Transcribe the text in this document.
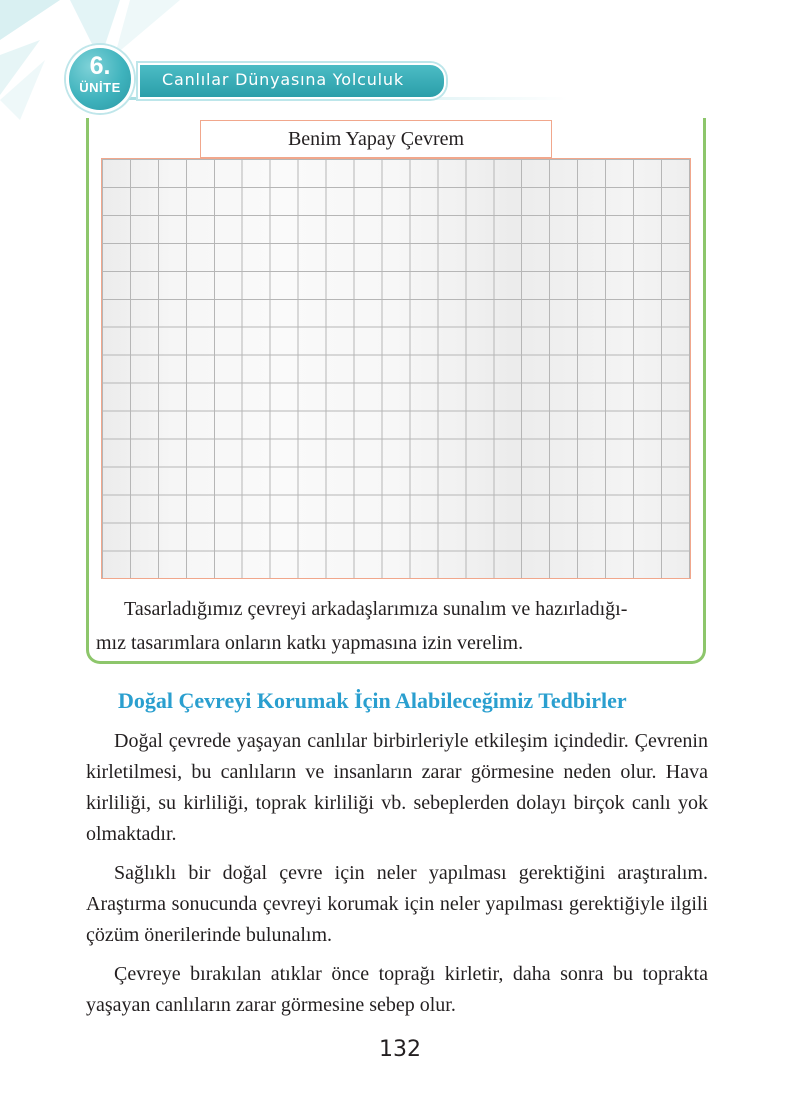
6.
ÜNİTE	Canlılar Dünyasına Yolculuk
Benim Yapay Çevrem
Tasarladığımız çevreyi arkadaşlarımıza sunalım ve hazırladığı-
mız tasarımlara onların katkı yapmasına izin verelim.
Doğal Çevreyi Korumak İçin Alabileceğimiz Tedbirler

Doğal çevrede yaşayan canlılar birbirleriyle etkileşim içindedir. Çevrenin kirletilmesi, bu canlıların ve insanların zarar görmesine neden olur. Hava kirliliği, su kirliliği, toprak kirliliği vb. sebeplerden dolayı birçok canlı yok olmaktadır.

Sağlıklı bir doğal çevre için neler yapılması gerektiğini araştıralım. Araştırma sonucunda çevreyi korumak için neler yapılması gerektiğiyle ilgili çözüm önerilerinde bulunalım.

Çevreye bırakılan atıklar önce toprağı kirletir, daha sonra bu toprakta yaşayan canlıların zarar görmesine sebep olur.

132
